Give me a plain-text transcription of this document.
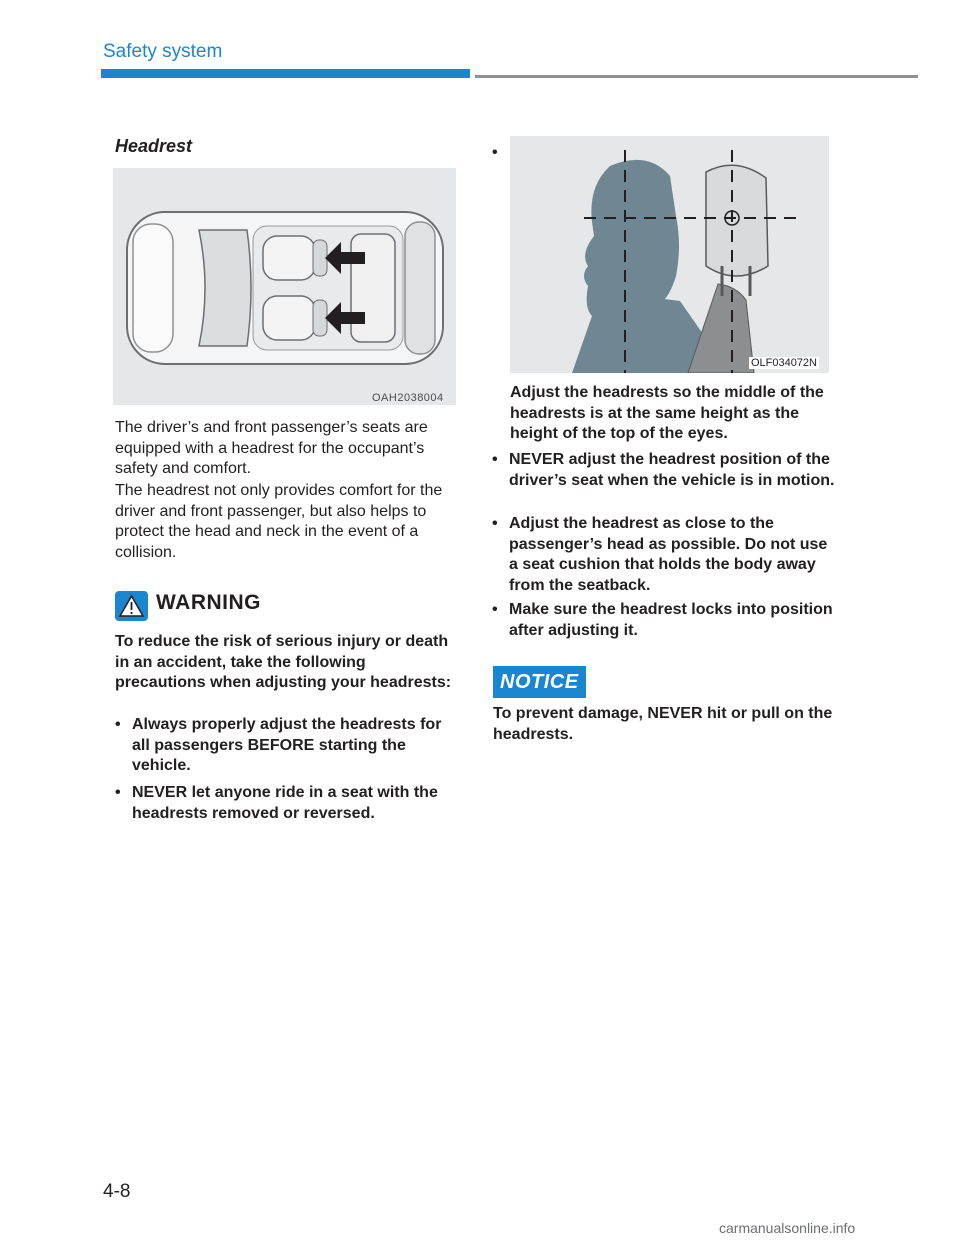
Safety system
Headrest
OAH2038004
The driver’s and front passenger’s seats are equipped with a headrest for the occupant’s safety and comfort.
The headrest not only provides comfort for the driver and front passenger, but also helps to protect the head and neck in the event of a collision.
WARNING
To reduce the risk of serious injury or death in an accident, take the following precautions when adjusting your headrests:
• Always properly adjust the headrests for all passengers BEFORE starting the vehicle.
• NEVER let anyone ride in a seat with the headrests removed or reversed.
•
OLF034072N
Adjust the headrests so the middle of the headrests is at the same height as the height of the top of the eyes.
• NEVER adjust the headrest position of the driver’s seat when the vehicle is in motion.
• Adjust the headrest as close to the passenger’s head as possible. Do not use a seat cushion that holds the body away from the seatback.
• Make sure the headrest locks into position after adjusting it.
NOTICE
To prevent damage, NEVER hit or pull on the headrests.
4-8
carmanualsonline.info
